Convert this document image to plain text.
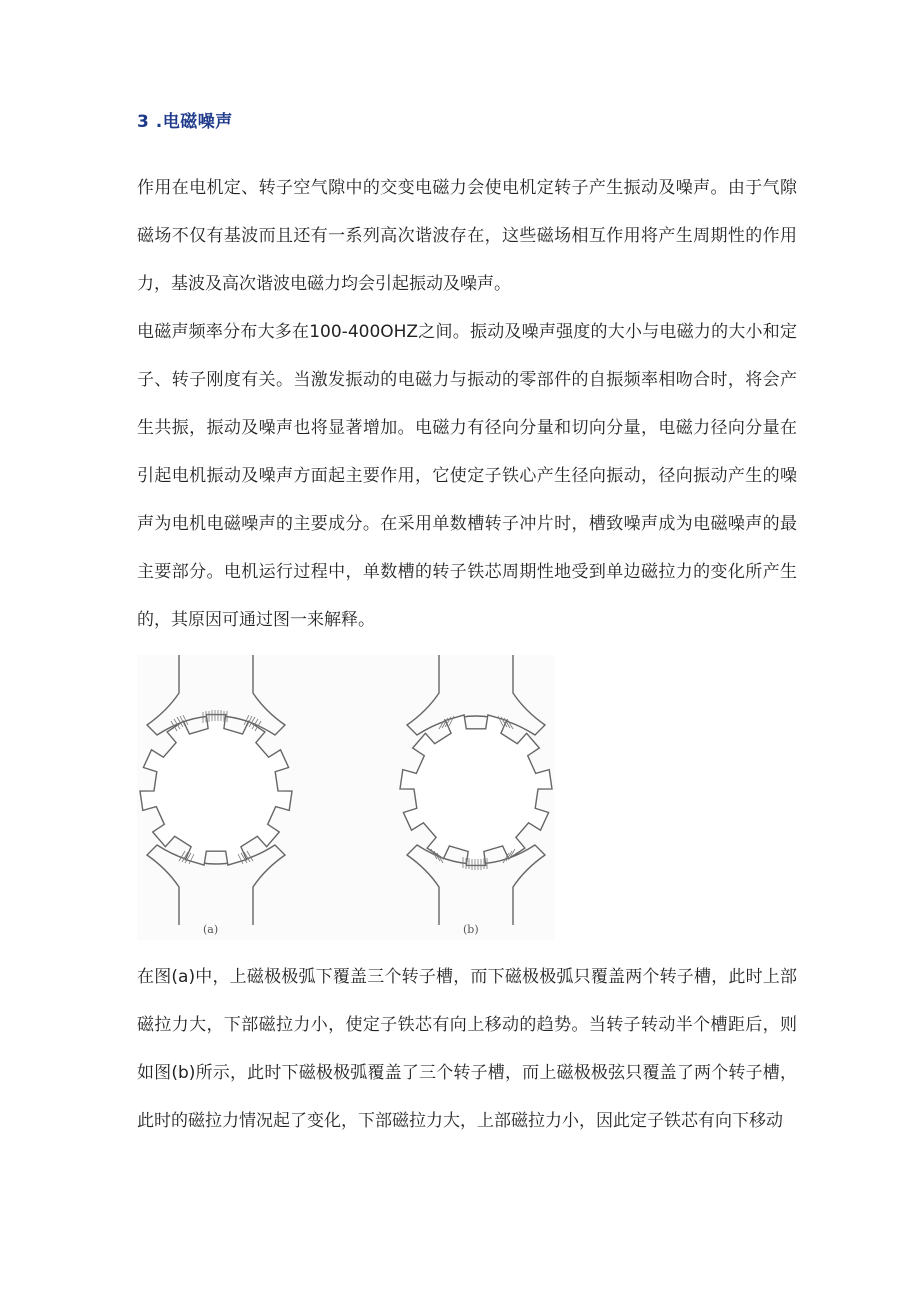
3 .电磁噪声

作用在电机定、转子空气隙中的交变电磁力会使电机定转子产生振动及噪声。由于气隙磁场不仅有基波而且还有一系列高次谐波存在，这些磁场相互作用将产生周期性的作用力，基波及高次谐波电磁力均会引起振动及噪声。

电磁声频率分布大多在100-400OHZ之间。振动及噪声强度的大小与电磁力的大小和定子、转子刚度有关。当激发振动的电磁力与振动的零部件的自振频率相吻合时，将会产生共振，振动及噪声也将显著增加。电磁力有径向分量和切向分量，电磁力径向分量在引起电机振动及噪声方面起主要作用，它使定子铁心产生径向振动，径向振动产生的噪声为电机电磁噪声的主要成分。在采用单数槽转子冲片时，槽致噪声成为电磁噪声的最主要部分。电机运行过程中，单数槽的转子铁芯周期性地受到单边磁拉力的变化所产生的，其原因可通过图一来解释。

(a)	(b)

在图(a)中，上磁极极弧下覆盖三个转子槽，而下磁极极弧只覆盖两个转子槽，此时上部磁拉力大，下部磁拉力小，使定子铁芯有向上移动的趋势。当转子转动半个槽距后，则如图(b)所示，此时下磁极极弧覆盖了三个转子槽，而上磁极极弦只覆盖了两个转子槽，此时的磁拉力情况起了变化，下部磁拉力大，上部磁拉力小，因此定子铁芯有向下移动
